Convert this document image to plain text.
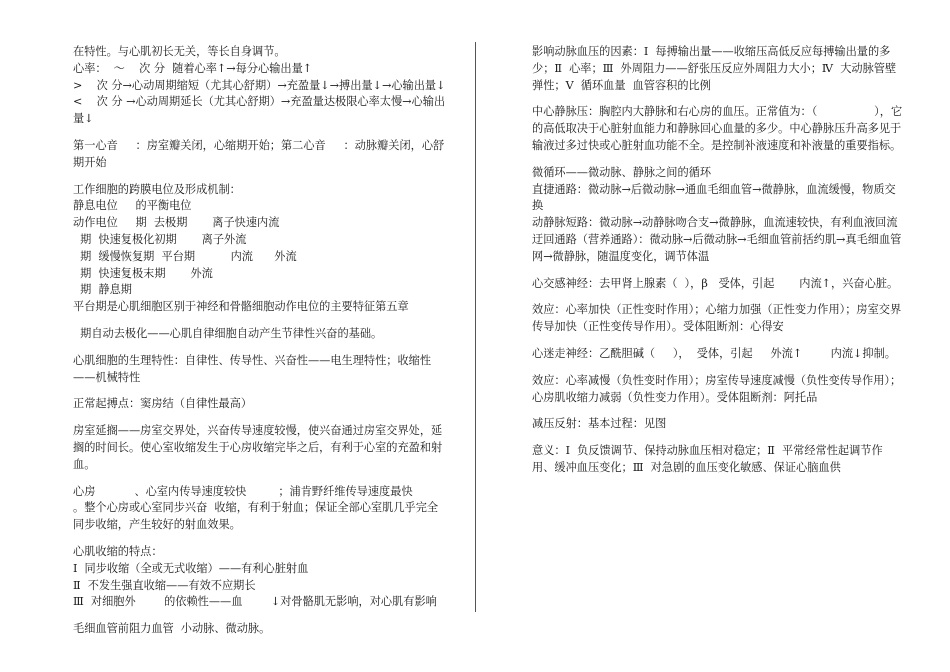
在特性。与心肌初长无关，等长自身调节。
心率：  ～    次 分  随着心率↑→每分心输出量↑
>    次 分→心动周期缩短（尤其心舒期）→充盈量↓→搏出量↓→心输出量↓
<    次 分 →心动周期延长（尤其心舒期）→充盈量达极限心率太慢→心输出量↓
第一心音     ：房室瓣关闭，心缩期开始；第二心音     ：动脉瓣关闭，心舒期开始
工作细胞的跨膜电位及形成机制：
静息电位     的平衡电位
动作电位     期  去极期       离子快速内流
期  快速复极化初期       离子外流
期  缓慢恢复期  平台期          内流      外流
期  快速复极末期       外流
期  静息期
平台期是心肌细胞区别于神经和骨骼细胞动作电位的主要特征第五章
期自动去极化——心肌自律细胞自动产生节律性兴奋的基础。
心肌细胞的生理特性：自律性、传导性、兴奋性——电生理特性；收缩性——机械特性
正常起搏点：窦房结（自律性最高）
房室延搁——房室交界处，兴奋传导速度较慢，使兴奋通过房室交界处，延搁的时间长。使心室收缩发生于心房收缩完毕之后，有利于心室的充盈和射血。
心房           、心室内传导速度较快         ；浦肯野纤维传导速度最快        。整个心房或心室同步兴奋  收缩，有利于射血；保证全部心室肌几乎完全同步收缩，产生较好的射血效果。
心肌收缩的特点：
Ⅰ  同步收缩（全或无式收缩）——有利心脏射血
Ⅱ  不发生强直收缩——有效不应期长
Ⅲ  对细胞外        的依赖性——血        ↓对骨骼肌无影响，对心肌有影响
毛细血管前阻力血管  小动脉、微动脉。
影响动脉血压的因素：Ⅰ  每搏输出量——收缩压高低反应每搏输出量的多少；Ⅱ  心率；Ⅲ  外周阻力——舒张压反应外周阻力大小；Ⅳ  大动脉管壁弹性；Ⅴ  循环血量  血管容积的比例
中心静脉压：胸腔内大静脉和右心房的血压。正常值为：（                ），它的高低取决于心脏射血能力和静脉回心血量的多少。中心静脉压升高多见于输液过多过快或心脏射血功能不全。是控制补液速度和补液量的重要指标。
微循环——微动脉、静脉之间的循环
直捷通路：微动脉→后微动脉→通血毛细血管→微静脉，血流缓慢，物质交换
动静脉短路：微动脉→动静脉吻合支→微静脉，血流速较快，有利血液回流
迂回通路（营养通路）：微动脉→后微动脉→毛细血管前括约肌→真毛细血管网→微静脉，随温度变化，调节体温
心交感神经：去甲肾上腺素（  ），β   受体，引起       内流↑，兴奋心脏。
效应：心率加快（正性变时作用）；心缩力加强（正性变力作用）；房室交界传导加快（正性变传导作用）。受体阻断剂：心得安
心迷走神经：乙酰胆碱（     ），  受体，引起     外流↑        内流↓抑制。
效应：心率减慢（负性变时作用）；房室传导速度减慢（负性变传导作用）；心房肌收缩力减弱（负性变力作用）。受体阻断剂：阿托品
减压反射：基本过程：见图
意义：Ⅰ  负反馈调节、保持动脉血压相对稳定；Ⅱ  平常经常性起调节作用、缓冲血压变化；Ⅲ  对急剧的血压变化敏感、保证心脑血供
